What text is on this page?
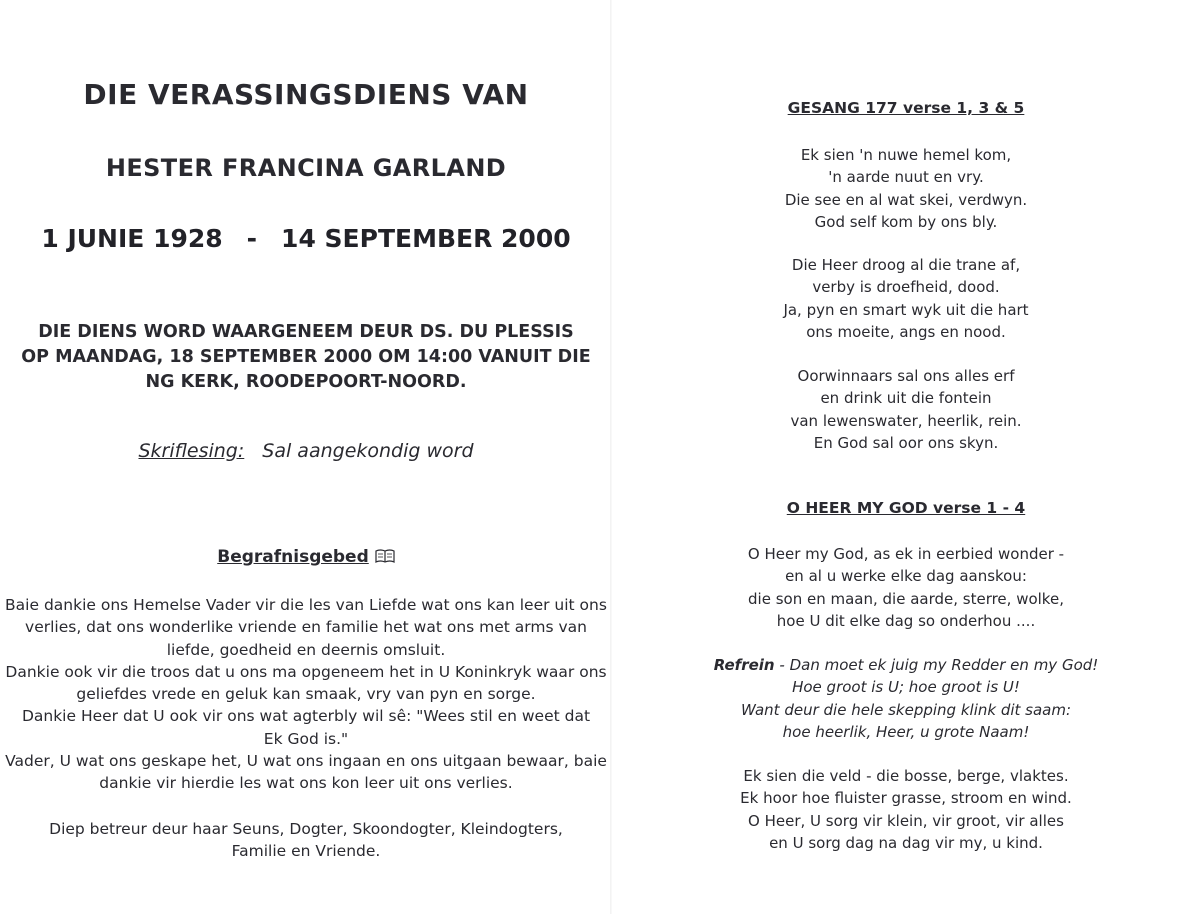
DIE VERASSINGSDIENS VAN
HESTER FRANCINA GARLAND
1 JUNIE 1928 - 14 SEPTEMBER 2000
DIE DIENS WORD WAARGENEEM DEUR DS. DU PLESSIS
OP MAANDAG, 18 SEPTEMBER 2000 OM 14:00 VANUIT DIE
NG KERK, ROODEPOORT-NOORD.
Skriflesing: Sal aangekondig word
Begrafnisgebed
Baie dankie ons Hemelse Vader vir die les van Liefde wat ons kan leer uit ons
verlies, dat ons wonderlike vriende en familie het wat ons met arms van
liefde, goedheid en deernis omsluit.
Dankie ook vir die troos dat u ons ma opgeneem het in U Koninkryk waar ons
geliefdes vrede en geluk kan smaak, vry van pyn en sorge.
Dankie Heer dat U ook vir ons wat agterbly wil sê: "Wees stil en weet dat
Ek God is."
Vader, U wat ons geskape het, U wat ons ingaan en ons uitgaan bewaar, baie
dankie vir hierdie les wat ons kon leer uit ons verlies.
Diep betreur deur haar Seuns, Dogter, Skoondogter, Kleindogters,
Familie en Vriende.
GESANG 177 verse 1, 3 & 5
Ek sien 'n nuwe hemel kom,
'n aarde nuut en vry.
Die see en al wat skei, verdwyn.
God self kom by ons bly.
Die Heer droog al die trane af,
verby is droefheid, dood.
Ja, pyn en smart wyk uit die hart
ons moeite, angs en nood.
Oorwinnaars sal ons alles erf
en drink uit die fontein
van lewenswater, heerlik, rein.
En God sal oor ons skyn.
O HEER MY GOD verse 1 - 4
O Heer my God, as ek in eerbied wonder -
en al u werke elke dag aanskou:
die son en maan, die aarde, sterre, wolke,
hoe U dit elke dag so onderhou ....
Refrein - Dan moet ek juig my Redder en my God!
Hoe groot is U; hoe groot is U!
Want deur die hele skepping klink dit saam:
hoe heerlik, Heer, u grote Naam!
Ek sien die veld - die bosse, berge, vlaktes.
Ek hoor hoe fluister grasse, stroom en wind.
O Heer, U sorg vir klein, vir groot, vir alles
en U sorg dag na dag vir my, u kind.
